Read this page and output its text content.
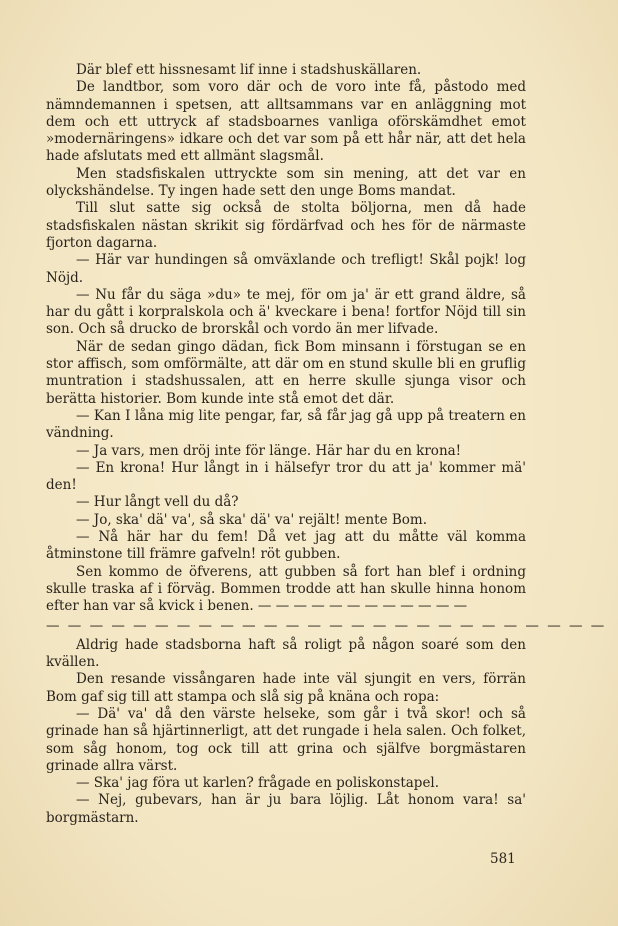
Där blef ett hissnesamt lif inne i stadshuskällaren.

De landtbor, som voro där och de voro inte få, påstodo med nämndemannen i spetsen, att alltsammans var en anläggning mot dem och ett uttryck af stadsboarnes vanliga oförskämdhet emot »modernäringens» idkare och det var som på ett hår när, att det hela hade afslutats med ett allmänt slagsmål.

Men stadsfiskalen uttryckte som sin mening, att det var en olyckshändelse. Ty ingen hade sett den unge Boms mandat.

Till slut satte sig också de stolta böljorna, men då hade stadsfiskalen nästan skrikit sig fördärfvad och hes för de närmaste fjorton dagarna.

— Här var hundingen så omväxlande och trefligt! Skål pojk! log Nöjd.

— Nu får du säga »du» te mej, för om ja' är ett grand äldre, så har du gått i korpralskola och ä' kveckare i bena! fortfor Nöjd till sin son. Och så drucko de brorskål och vordo än mer lifvade.

När de sedan gingo dädan, fick Bom minsann i förstugan se en stor affisch, som omförmälte, att där om en stund skulle bli en gruflig muntration i stadshussalen, att en herre skulle sjunga visor och berätta historier. Bom kunde inte stå emot det där.

— Kan I låna mig lite pengar, far, så får jag gå upp på treatern en vändning.

— Ja vars, men dröj inte för länge. Här har du en krona!

— En krona! Hur långt in i hälsefyr tror du att ja' kommer mä' den!

— Hur långt vell du då?

— Jo, ska' dä' va', så ska' dä' va' rejält! mente Bom.

— Nå här har du fem! Då vet jag att du måtte väl komma åtminstone till främre gafveln! röt gubben.

Sen kommo de öfverens, att gubben så fort han blef i ordning skulle traska af i förväg. Bommen trodde att han skulle hinna honom efter han var så kvick i benen. — — — — — — — — — — — —

— — — — — — — — — — — — — — — — — — — — — — — — — —

Aldrig hade stadsborna haft så roligt på någon soaré som den kvällen.

Den resande vissångaren hade inte väl sjungit en vers, förrän Bom gaf sig till att stampa och slå sig på knäna och ropa:

— Dä' va' då den värste helseke, som går i två skor! och så grinade han så hjärtinnerligt, att det rungade i hela salen. Och folket, som såg honom, tog ock till att grina och själfve borgmästaren grinade allra värst.

— Ska' jag föra ut karlen? frågade en poliskonstapel.

— Nej, gubevars, han är ju bara löjlig. Låt honom vara! sa' borgmästarn.

581
